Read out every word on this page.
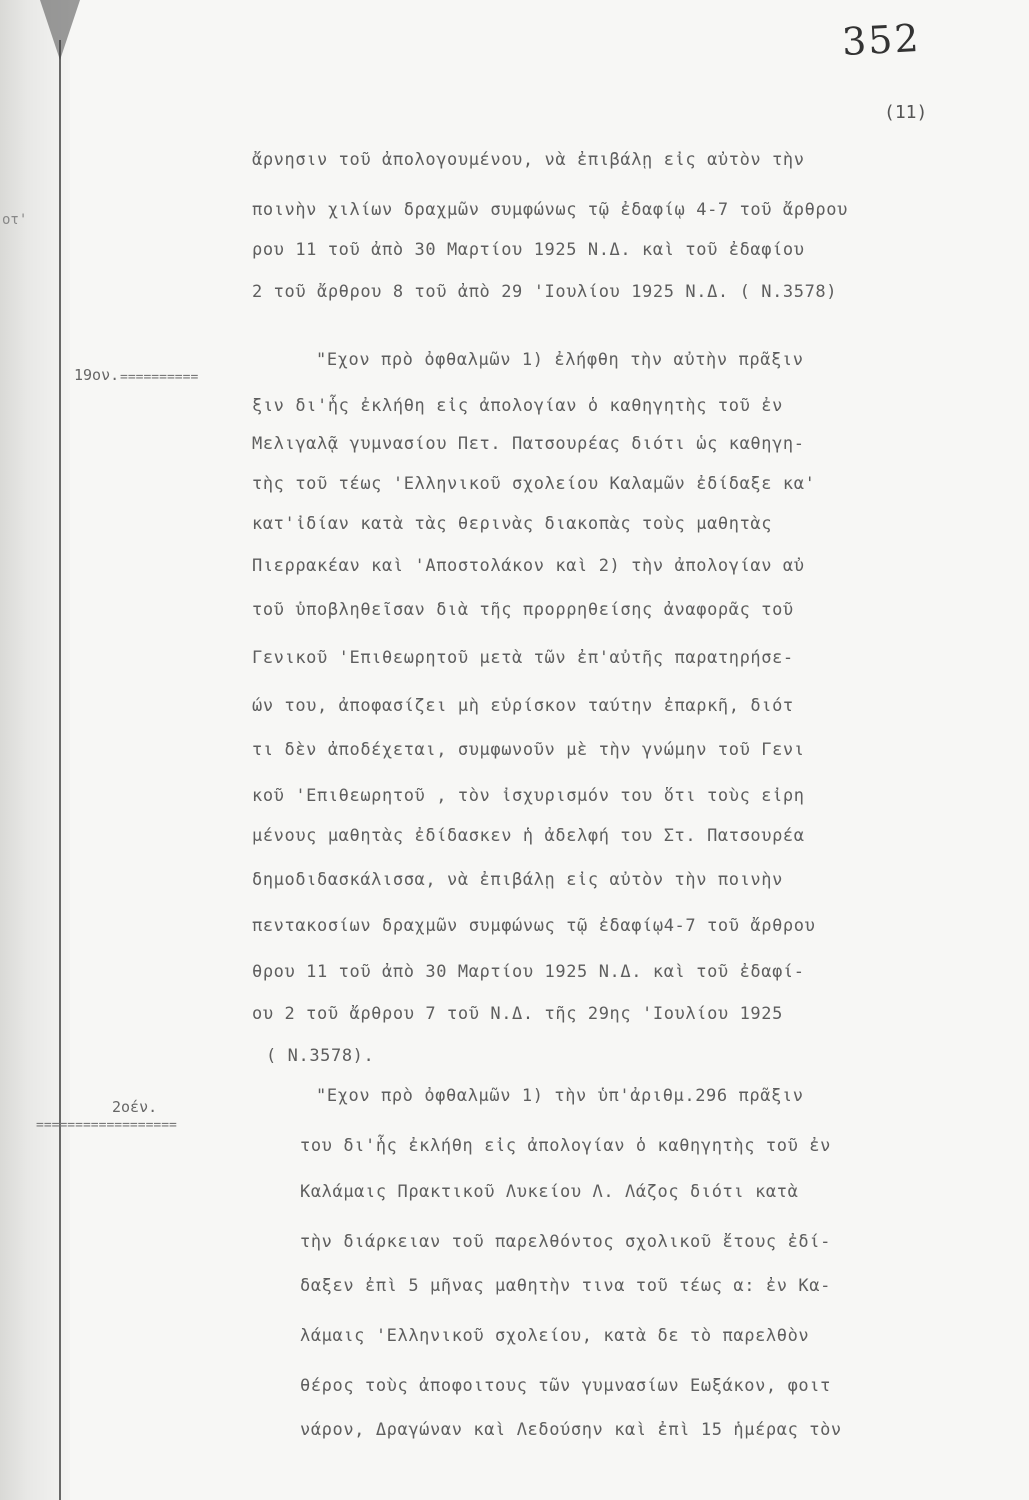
οτ'
352
(11)
19ον. ==========
2οέν.
==================
ἄρνησιν τοῦ ἀπολογουμένου, νὰ ἐπιβάλῃ εἰς αὐτὸν τὴν
ποινὴν χιλίων δραχμῶν συμφώνως τῷ ἐδαφίῳ 4-7 τοῦ ἄρθρου
ρου 11 τοῦ ἀπὸ 30 Μαρτίου 1925 Ν.Δ. καὶ τοῦ ἐδαφίου
2 τοῦ ἄρθρου 8 τοῦ ἀπὸ 29 'Ιουλίου 1925 Ν.Δ. ( Ν.3578)
"Εχον πρὸ ὀφθαλμῶν 1) ἐλήφθη τὴν αὐτὴν πρᾶξιν
ξιν δι'ἧς ἐκλήθη εἰς ἀπολογίαν ὁ καθηγητὴς τοῦ ἐν
Μελιγαλᾷ γυμνασίου Πετ. Πατσουρέας διότι ὡς καθηγη-
τὴς τοῦ τέως 'Ελληνικοῦ σχολείου Καλαμῶν ἐδίδαξε κα'
κατ'ἰδίαν κατὰ τὰς θερινὰς διακοπὰς τοὺς μαθητὰς
Πιερρακέαν καὶ 'Αποστολάκον καὶ 2) τὴν ἀπολογίαν αὐ
τοῦ ὑποβληθεῖσαν διὰ τῆς προρρηθείσης ἀναφορᾶς τοῦ
Γενικοῦ 'Επιθεωρητοῦ μετὰ τῶν ἐπ'αὐτῆς παρατηρήσε-
ών του, ἀποφασίζει μὴ εὑρίσκον ταύτην ἐπαρκῆ, διότ
τι δὲν ἀποδέχεται, συμφωνοῦν μὲ τὴν γνώμην τοῦ Γενι
κοῦ 'Επιθεωρητοῦ , τὸν ἰσχυρισμόν του ὅτι τοὺς εἰρη
μένους μαθητὰς ἐδίδασκεν ἡ ἀδελφή του Στ. Πατσουρέα
δημοδιδασκάλισσα, νὰ ἐπιβάλῃ εἰς αὐτὸν τὴν ποινὴν
πεντακοσίων δραχμῶν συμφώνως τῷ ἐδαφίῳ4-7 τοῦ ἄρθρου
θρου 11 τοῦ ἀπὸ 30 Μαρτίου 1925 Ν.Δ. καὶ τοῦ ἐδαφί-
ου 2 τοῦ ἄρθρου 7 τοῦ Ν.Δ. τῆς 29ης 'Ιουλίου 1925
( Ν.3578).
"Εχον πρὸ ὀφθαλμῶν 1) τὴν ὑπ'ἀριθμ.296 πρᾶξιν
του δι'ἧς ἐκλήθη εἰς ἀπολογίαν ὁ καθηγητὴς τοῦ ἐν
Καλάμαις Πρακτικοῦ Λυκείου Λ. Λάζος διότι κατὰ
τὴν διάρκειαν τοῦ παρελθόντος σχολικοῦ ἔτους ἐδί-
δαξεν ἐπὶ 5 μῆνας μαθητὴν τινα τοῦ τέως α: ἐν Κα-
λάμαις 'Ελληνικοῦ σχολείου, κατὰ δε τὸ παρελθὸν
θέρος τοὺς ἀποφοιτους τῶν γυμνασίων Εωξάκον, φοιτ
νάρον, Δραγώναν καὶ Λεδούσην καὶ ἐπὶ 15 ἡμέρας τὸν
